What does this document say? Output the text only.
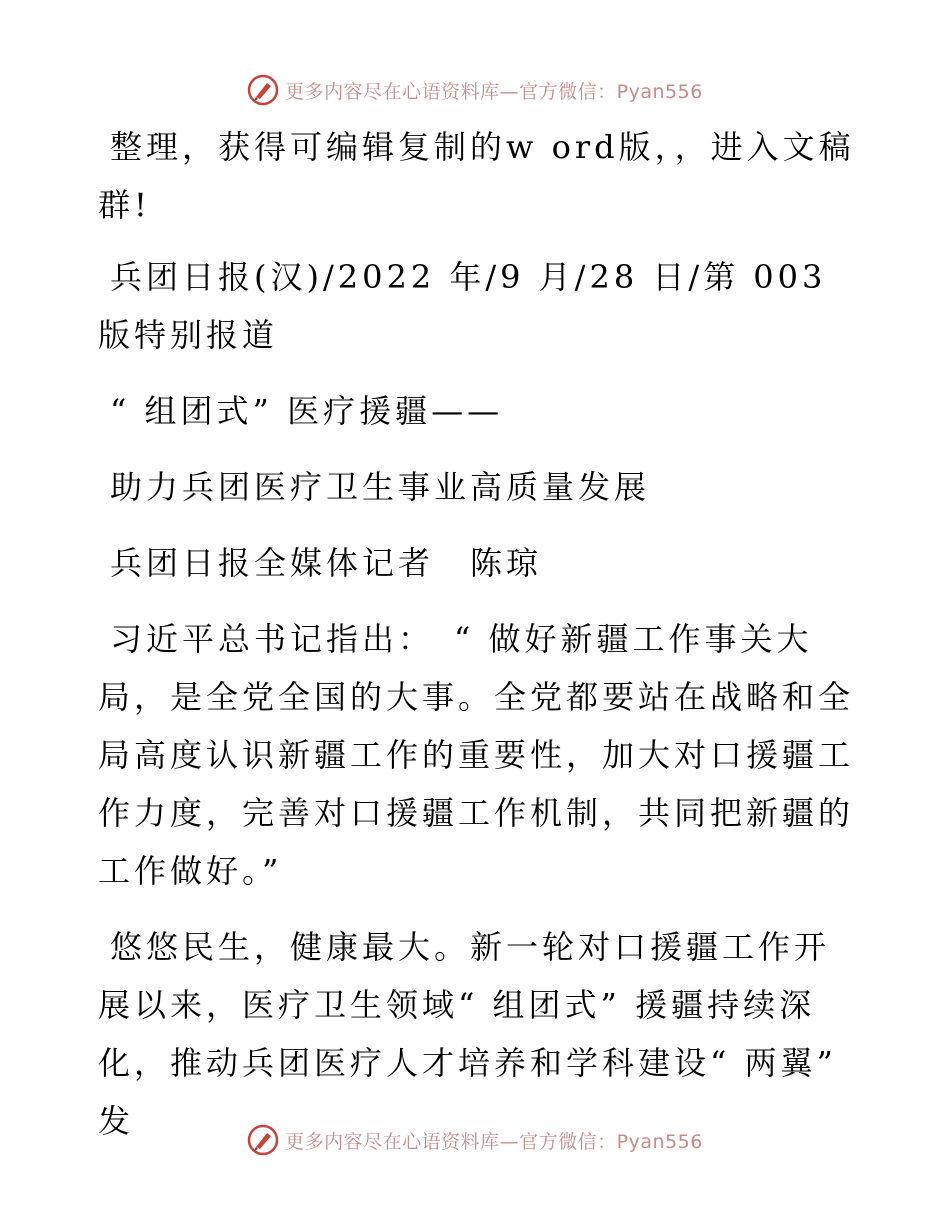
更多内容尽在心语资料库—官方微信：Pyan556

整理，获得可编辑复制的w ord版，，进入文稿群!

兵团日报(汉)/2022 年/9 月/28 日/第 003 版特别报道

“ 组团式” 医疗援疆——

助力兵团医疗卫生事业高质量发展

兵团日报全媒体记者　陈琼

习近平总书记指出：　“ 做好新疆工作事关大局，是全党全国的大事。全党都要站在战略和全局高度认识新疆工作的重要性，加大对口援疆工作力度，完善对口援疆工作机制，共同把新疆的工作做好。”

悠悠民生，健康最大。新一轮对口援疆工作开展以来，医疗卫生领域“ 组团式” 援疆持续深化，推动兵团医疗人才培养和学科建设“ 两翼” 发

更多内容尽在心语资料库—官方微信：Pyan556
